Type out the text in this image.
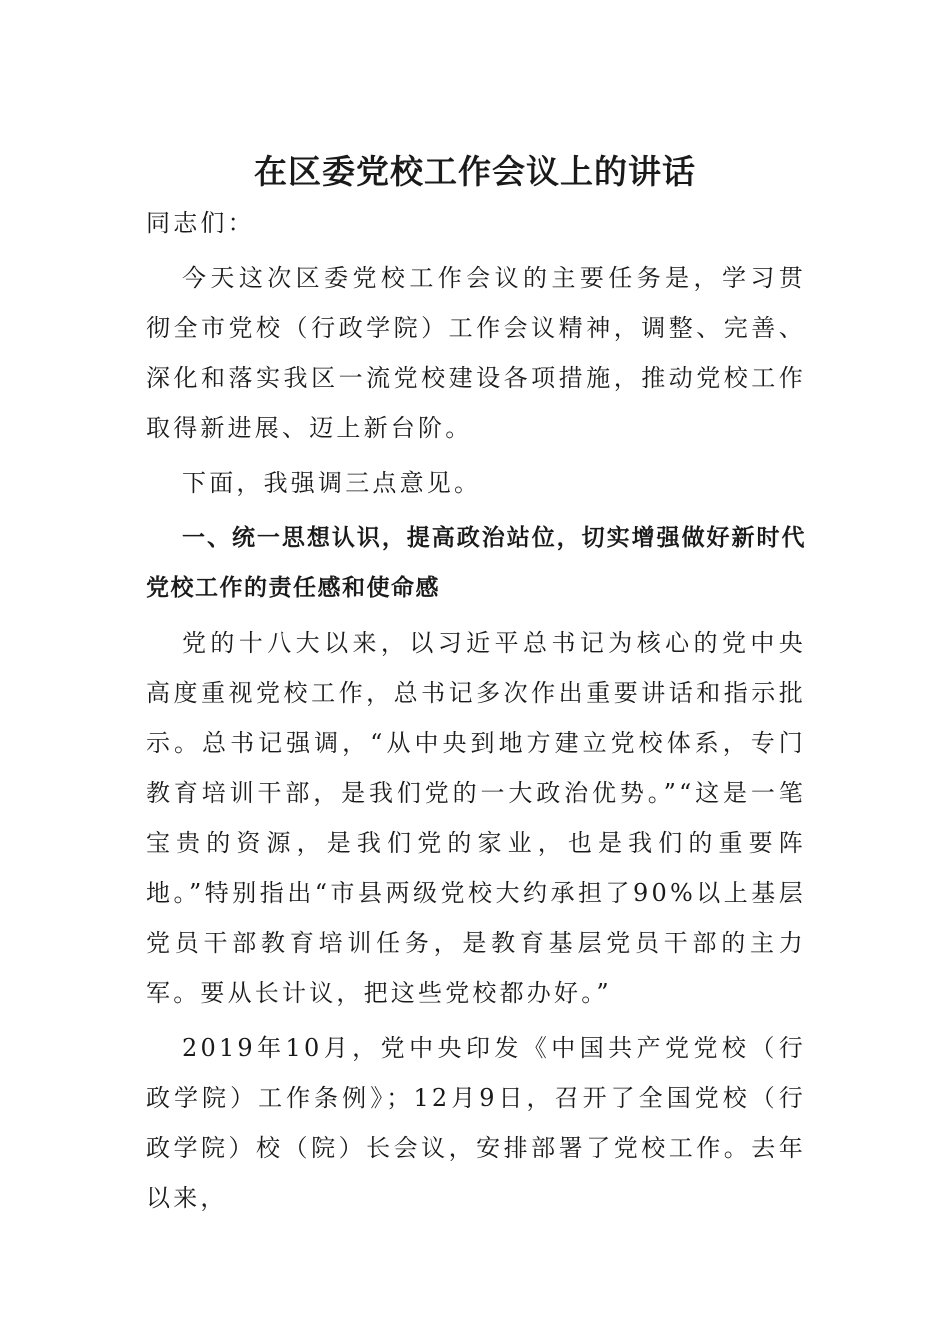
在区委党校工作会议上的讲话

同志们：

今天这次区委党校工作会议的主要任务是，学习贯彻全市党校（行政学院）工作会议精神，调整、完善、深化和落实我区一流党校建设各项措施，推动党校工作取得新进展、迈上新台阶。

下面，我强调三点意见。

一、统一思想认识，提高政治站位，切实增强做好新时代党校工作的责任感和使命感

党的十八大以来，以习近平总书记为核心的党中央高度重视党校工作，总书记多次作出重要讲话和指示批示。总书记强调，“从中央到地方建立党校体系，专门教育培训干部，是我们党的一大政治优势。”“这是一笔宝贵的资源，是我们党的家业，也是我们的重要阵地。”特别指出“市县两级党校大约承担了90%以上基层党员干部教育培训任务，是教育基层党员干部的主力军。要从长计议，把这些党校都办好。”

2019年10月，党中央印发《中国共产党党校（行政学院）工作条例》；12月9日，召开了全国党校（行政学院）校（院）长会议，安排部署了党校工作。去年以来，
